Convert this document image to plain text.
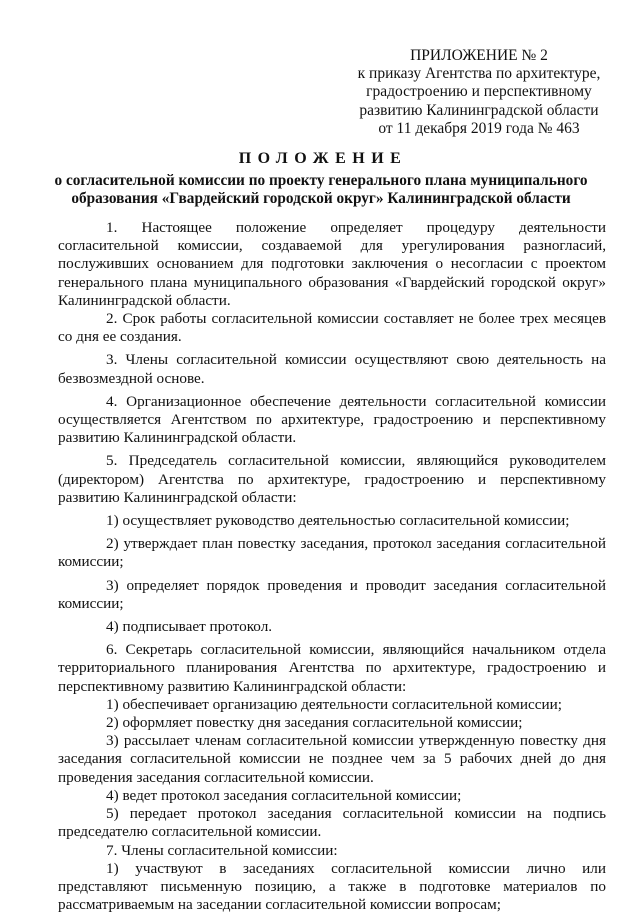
ПРИЛОЖЕНИЕ № 2
к приказу Агентства по архитектуре,
градостроению и перспективному
развитию Калининградской области
от 11 декабря 2019 года № 463
ПОЛОЖЕНИЕ
о согласительной комиссии по проекту генерального плана муниципального
образования «Гвардейский городской округ» Калининградской области

1. Настоящее положение определяет процедуру деятельности согласительной комиссии, создаваемой для урегулирования разногласий, послуживших основанием для подготовки заключения о несогласии с проектом генерального плана муниципального образования «Гвардейский городской округ» Калининградской области.

2. Срок работы согласительной комиссии составляет не более трех месяцев со дня ее создания.

3. Члены согласительной комиссии осуществляют свою деятельность на безвозмездной основе.

4. Организационное обеспечение деятельности согласительной комиссии осуществляется Агентством по архитектуре, градостроению и перспективному развитию Калининградской области.

5. Председатель согласительной комиссии, являющийся руководителем (директором) Агентства по архитектуре, градостроению и перспективному развитию Калининградской области:

1) осуществляет руководство деятельностью согласительной комиссии;

2) утверждает план повестку заседания, протокол заседания согласительной комиссии;

3) определяет порядок проведения и проводит заседания согласительной комиссии;

4) подписывает протокол.

6. Секретарь согласительной комиссии, являющийся начальником отдела территориального планирования Агентства по архитектуре, градостроению и перспективному развитию Калининградской области:

1) обеспечивает организацию деятельности согласительной комиссии;

2) оформляет повестку дня заседания согласительной комиссии;

3) рассылает членам согласительной комиссии утвержденную повестку дня заседания согласительной комиссии не позднее чем за 5 рабочих дней до дня проведения заседания согласительной комиссии.

4) ведет протокол заседания согласительной комиссии;

5) передает протокол заседания согласительной комиссии на подпись председателю согласительной комиссии.

7. Члены согласительной комиссии:

1) участвуют в заседаниях согласительной комиссии лично или представляют письменную позицию, а также в подготовке материалов по рассматриваемым на заседании согласительной комиссии вопросам;
